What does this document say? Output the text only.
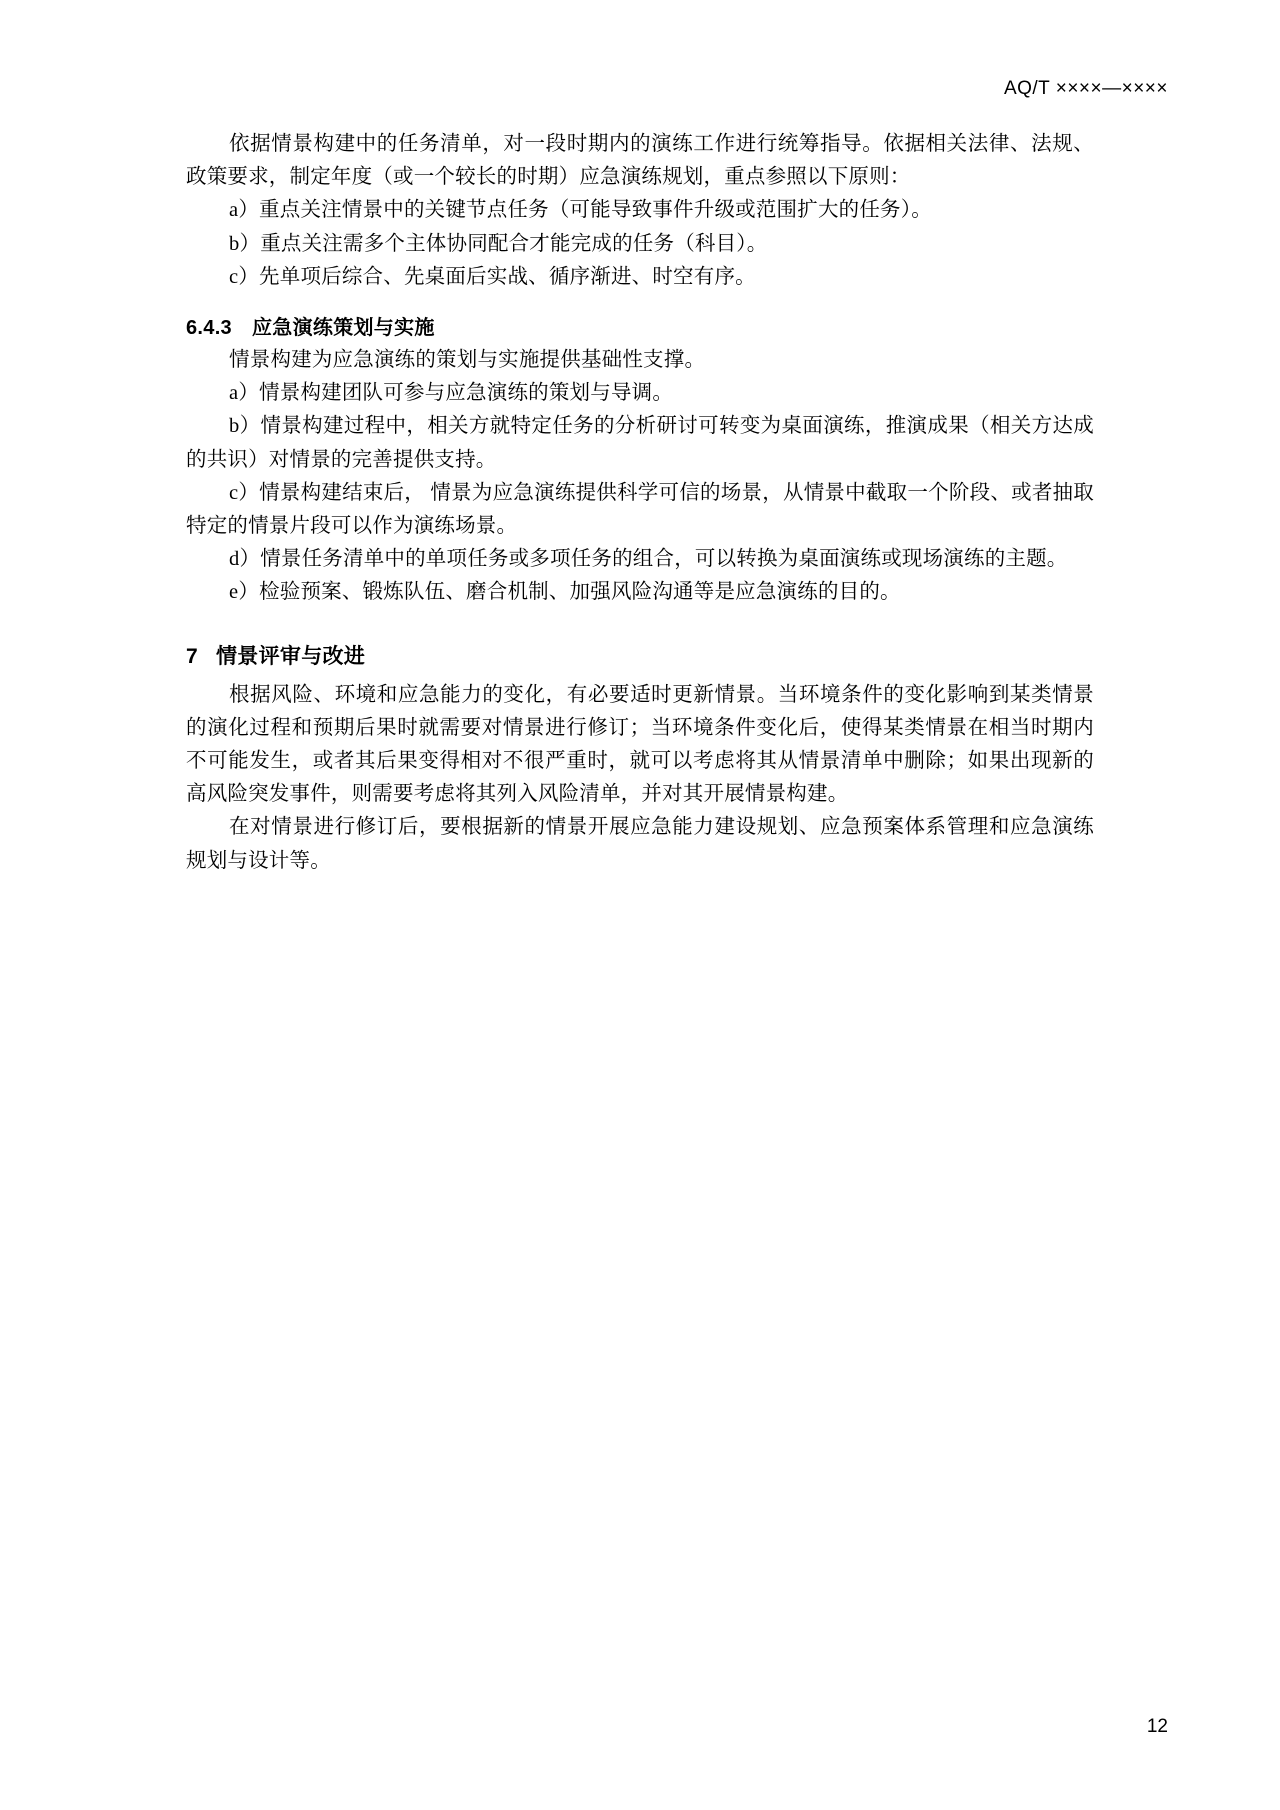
AQ/T ××××—××××

依据情景构建中的任务清单，对一段时期内的演练工作进行统筹指导。依据相关法律、法规、政策要求，制定年度（或一个较长的时期）应急演练规划，重点参照以下原则：

a）重点关注情景中的关键节点任务（可能导致事件升级或范围扩大的任务）。

b）重点关注需多个主体协同配合才能完成的任务（科目）。

c）先单项后综合、先桌面后实战、循序渐进、时空有序。

6.4.3 应急演练策划与实施

情景构建为应急演练的策划与实施提供基础性支撑。

a）情景构建团队可参与应急演练的策划与导调。

b）情景构建过程中，相关方就特定任务的分析研讨可转变为桌面演练，推演成果（相关方达成的共识）对情景的完善提供支持。

c）情景构建结束后， 情景为应急演练提供科学可信的场景，从情景中截取一个阶段、或者抽取特定的情景片段可以作为演练场景。

d）情景任务清单中的单项任务或多项任务的组合，可以转换为桌面演练或现场演练的主题。

e）检验预案、锻炼队伍、磨合机制、加强风险沟通等是应急演练的目的。

7 情景评审与改进

根据风险、环境和应急能力的变化，有必要适时更新情景。当环境条件的变化影响到某类情景的演化过程和预期后果时就需要对情景进行修订；当环境条件变化后，使得某类情景在相当时期内不可能发生，或者其后果变得相对不很严重时，就可以考虑将其从情景清单中删除；如果出现新的高风险突发事件，则需要考虑将其列入风险清单，并对其开展情景构建。

在对情景进行修订后，要根据新的情景开展应急能力建设规划、应急预案体系管理和应急演练规划与设计等。

12
